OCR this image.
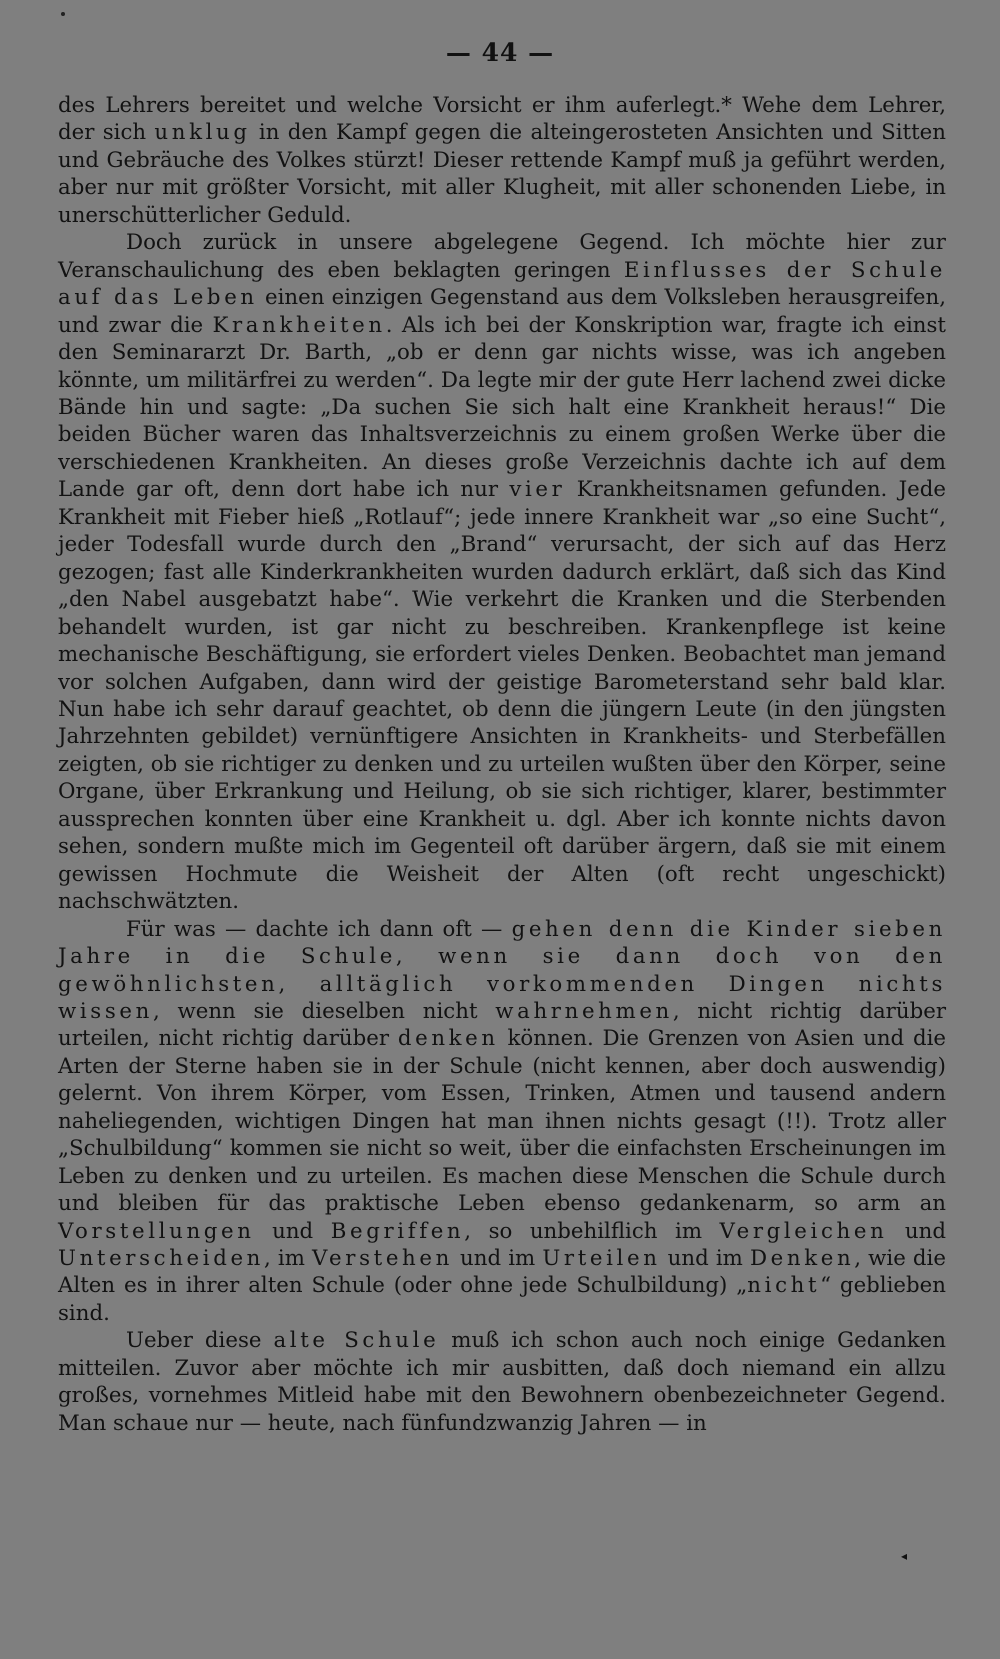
— 44 —

des Lehrers bereitet und welche Vorsicht er ihm auferlegt.* Wehe dem Lehrer, der sich unklug in den Kampf gegen die alteingerosteten Ansichten und Sitten und Gebräuche des Volkes stürzt! Dieser rettende Kampf muß ja geführt werden, aber nur mit größter Vorsicht, mit aller Klugheit, mit aller schonenden Liebe, in unerschütterlicher Geduld.

Doch zurück in unsere abgelegene Gegend. Ich möchte hier zur Veranschaulichung des eben beklagten geringen Einflusses der Schule auf das Leben einen einzigen Gegenstand aus dem Volksleben herausgreifen, und zwar die Krankheiten. Als ich bei der Konskription war, fragte ich einst den Seminararzt Dr. Barth, „ob er denn gar nichts wisse, was ich angeben könnte, um militärfrei zu werden“. Da legte mir der gute Herr lachend zwei dicke Bände hin und sagte: „Da suchen Sie sich halt eine Krankheit heraus!“ Die beiden Bücher waren das Inhaltsverzeichnis zu einem großen Werke über die verschiedenen Krankheiten. An dieses große Verzeichnis dachte ich auf dem Lande gar oft, denn dort habe ich nur vier Krankheitsnamen gefunden. Jede Krankheit mit Fieber hieß „Rotlauf“; jede innere Krankheit war „so eine Sucht“, jeder Todesfall wurde durch den „Brand“ verursacht, der sich auf das Herz gezogen; fast alle Kinderkrankheiten wurden dadurch erklärt, daß sich das Kind „den Nabel ausgebatzt habe“. Wie verkehrt die Kranken und die Sterbenden behandelt wurden, ist gar nicht zu beschreiben. Krankenpflege ist keine mechanische Beschäftigung, sie erfordert vieles Denken. Beobachtet man jemand vor solchen Aufgaben, dann wird der geistige Barometerstand sehr bald klar. Nun habe ich sehr darauf geachtet, ob denn die jüngern Leute (in den jüngsten Jahrzehnten gebildet) vernünftigere Ansichten in Krankheits- und Sterbefällen zeigten, ob sie richtiger zu denken und zu urteilen wußten über den Körper, seine Organe, über Erkrankung und Heilung, ob sie sich richtiger, klarer, bestimmter aussprechen konnten über eine Krankheit u. dgl. Aber ich konnte nichts davon sehen, sondern mußte mich im Gegenteil oft darüber ärgern, daß sie mit einem gewissen Hochmute die Weisheit der Alten (oft recht ungeschickt) nachschwätzten.

Für was — dachte ich dann oft — gehen denn die Kinder sieben Jahre in die Schule, wenn sie dann doch von den gewöhnlichsten, alltäglich vorkommenden Dingen nichts wissen, wenn sie dieselben nicht wahrnehmen, nicht richtig darüber urteilen, nicht richtig darüber denken können. Die Grenzen von Asien und die Arten der Sterne haben sie in der Schule (nicht kennen, aber doch auswendig) gelernt. Von ihrem Körper, vom Essen, Trinken, Atmen und tausend andern naheliegenden, wichtigen Dingen hat man ihnen nichts gesagt (!!). Trotz aller „Schulbildung“ kommen sie nicht so weit, über die einfachsten Erscheinungen im Leben zu denken und zu urteilen. Es machen diese Menschen die Schule durch und bleiben für das praktische Leben ebenso gedankenarm, so arm an Vorstellungen und Begriffen, so unbehilflich im Vergleichen und Unterscheiden, im Verstehen und im Urteilen und im Denken, wie die Alten es in ihrer alten Schule (oder ohne jede Schulbildung) „nicht“ geblieben sind.

Ueber diese alte Schule muß ich schon auch noch einige Gedanken mitteilen. Zuvor aber möchte ich mir ausbitten, daß doch niemand ein allzu großes, vornehmes Mitleid habe mit den Bewohnern obenbezeichneter Gegend. Man schaue nur — heute, nach fünfundzwanzig Jahren — in

◂
